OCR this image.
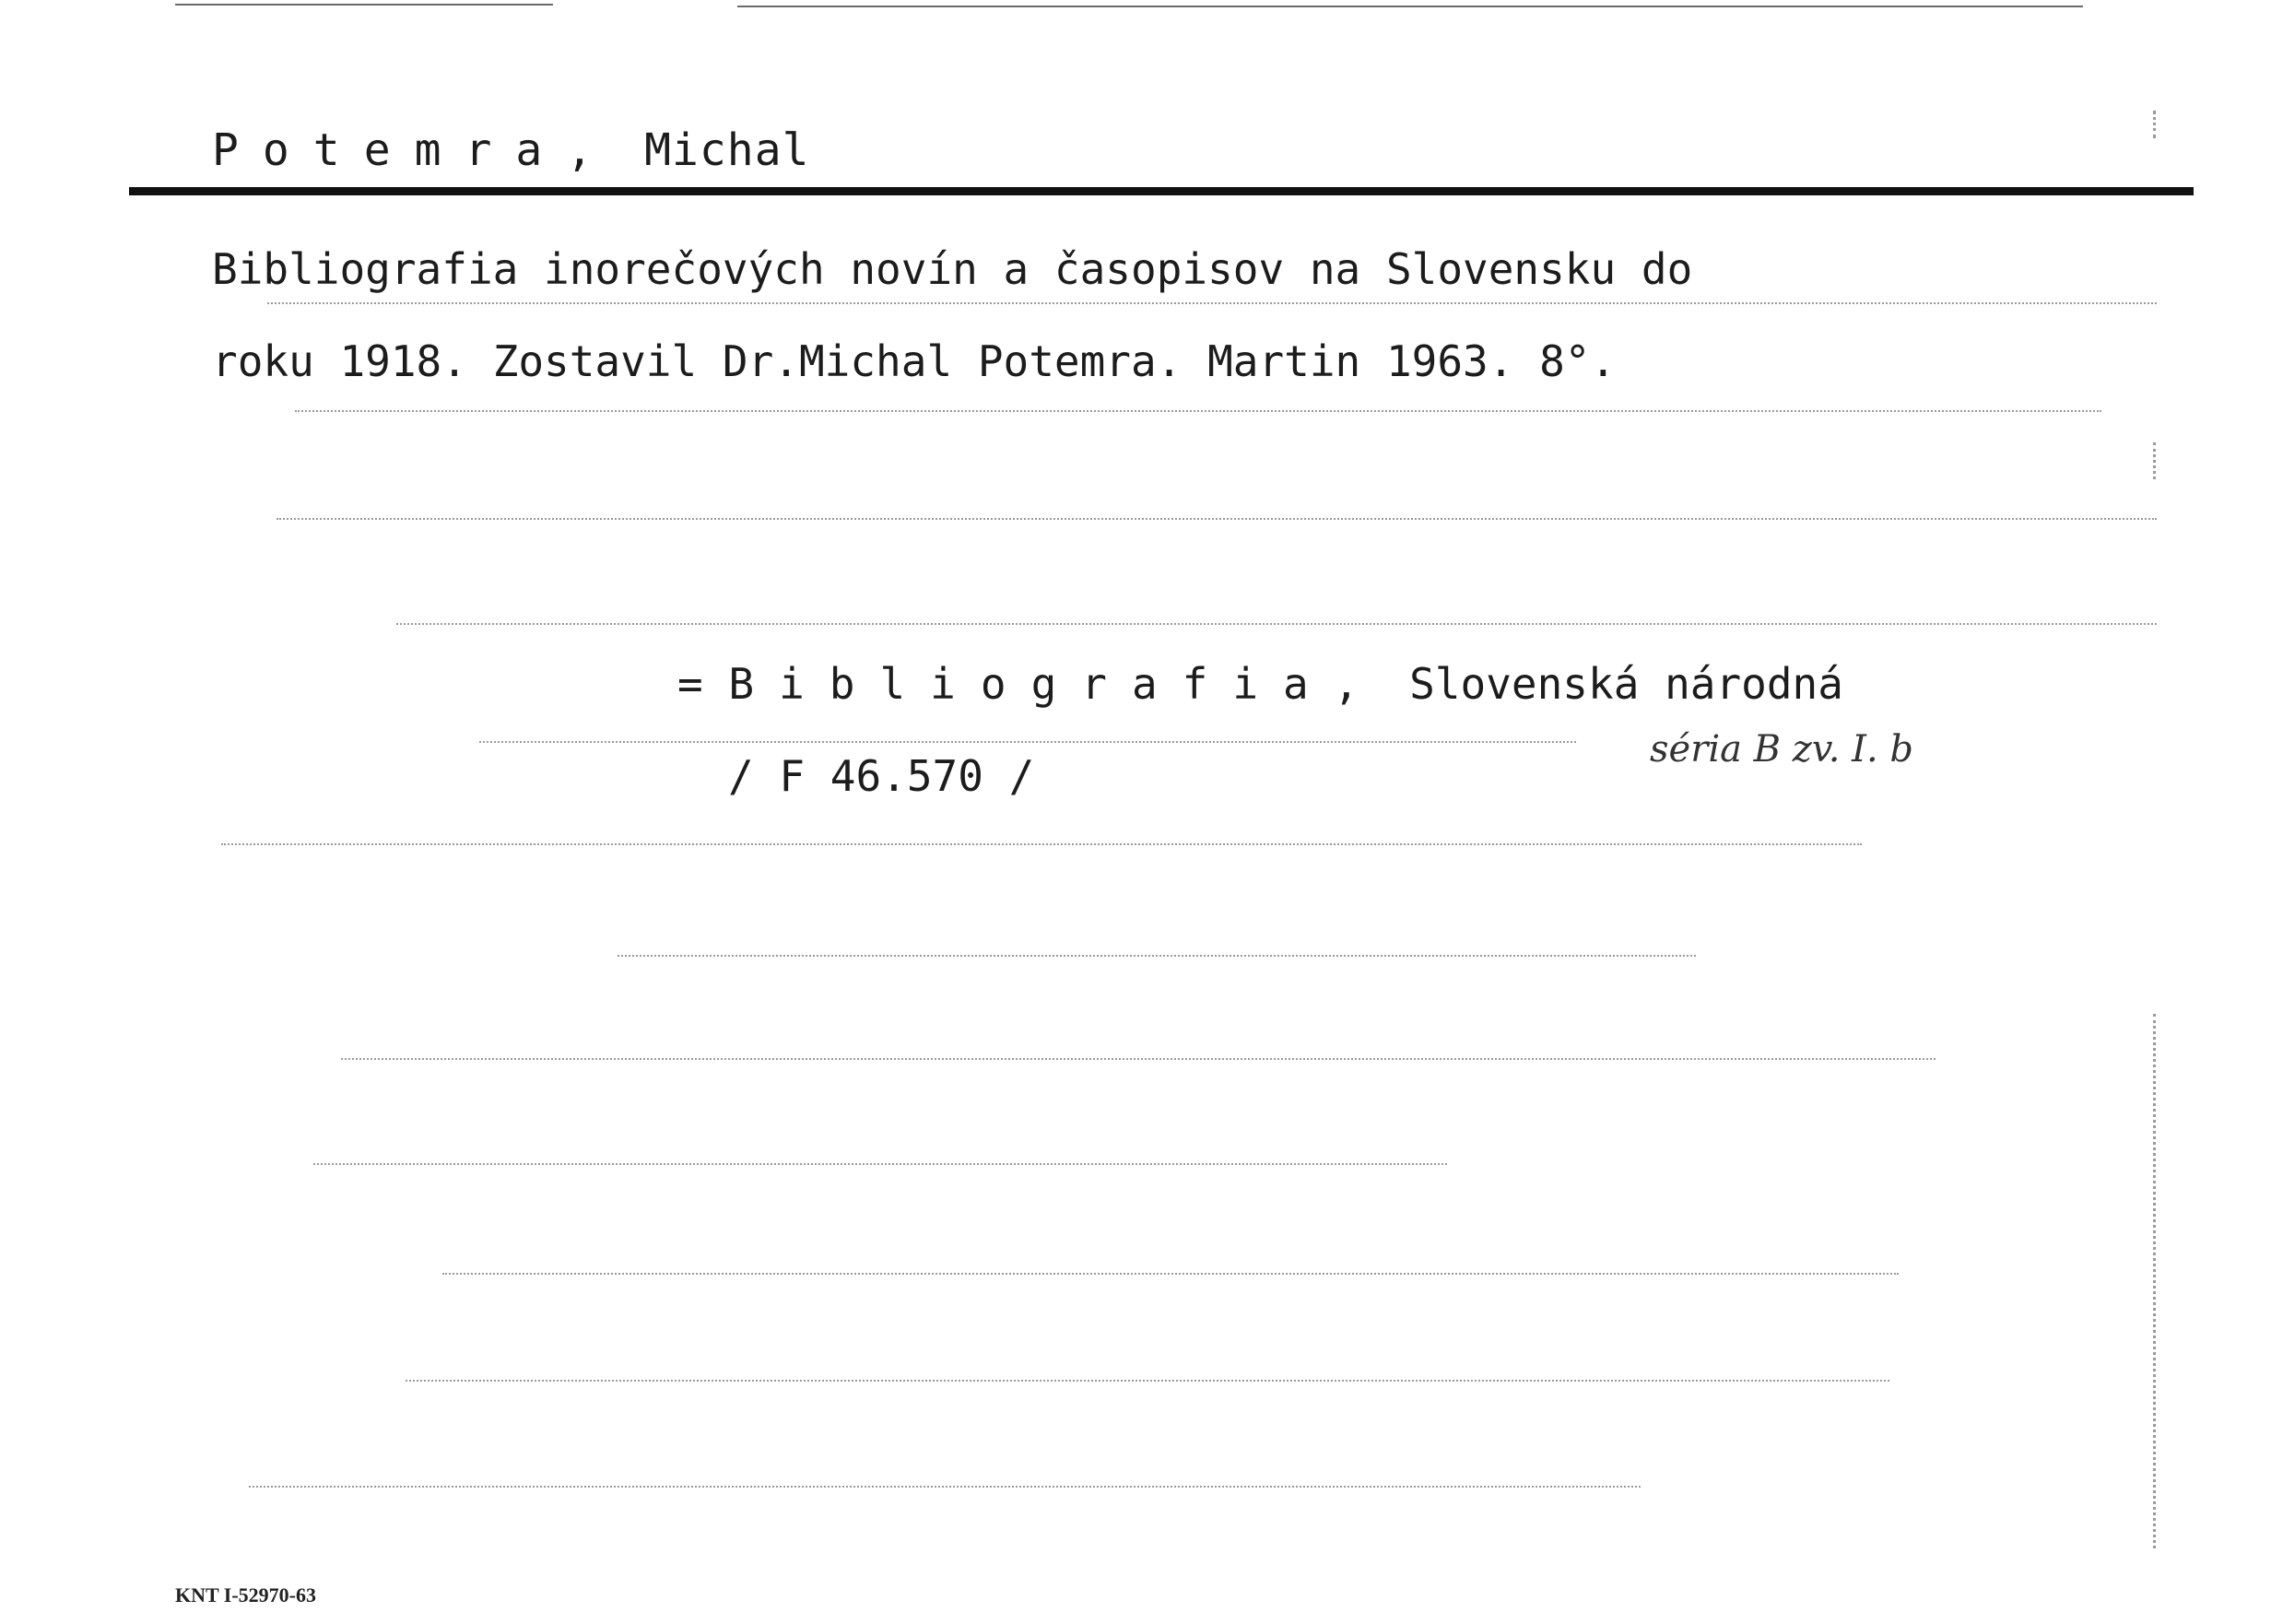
Potemra, Michal
Bibliografia inorečových novín a časopisov na Slovensku do
roku 1918. Zostavil Dr.Michal Potemra. Martin 1963. 8°.
= Bibliografia, Slovenská národná
/ F 46.570 /
séria B zv. I. b
KNT I-52970-63
